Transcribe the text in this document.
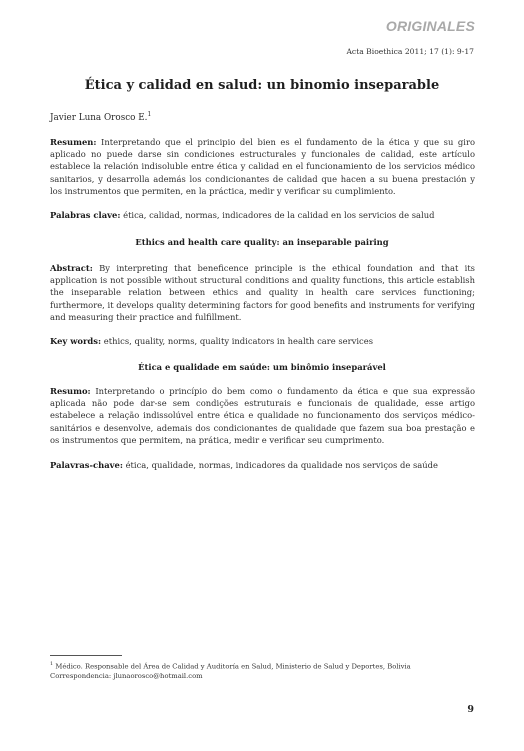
ORIGINALES
Acta Bioethica 2011; 17 (1): 9-17
Ética y calidad en salud: un binomio inseparable
Javier Luna Orosco E.$^1$
Resumen: Interpretando que el principio del bien es el fundamento de la ética y que su giro aplicado no puede darse sin condiciones estructurales y funcionales de calidad, este artículo establece la relación indisoluble entre ética y calidad en el funcionamiento de los servicios médico sanitarios, y desarrolla además los condicionantes de calidad que hacen a su buena prestación y los instrumentos que permiten, en la práctica, medir y verificar su cumplimiento.
Palabras clave: ética, calidad, normas, indicadores de la calidad en los servicios de salud
Ethics and health care quality: an inseparable pairing
Abstract: By interpreting that beneficence principle is the ethical foundation and that its application is not possible without structural conditions and quality functions, this article establish the inseparable relation between ethics and quality in health care services functioning; furthermore, it develops quality determining factors for good benefits and instruments for verifying and measuring their practice and fulfillment.
Key words: ethics, quality, norms, quality indicators in health care services
Ética e qualidade em saúde: um binômio inseparável
Resumo: Interpretando o princípio do bem como o fundamento da ética e que sua expressão aplicada não pode dar-se sem condições estruturais e funcionais de qualidade, esse artigo estabelece a relação indissolúvel entre ética e qualidade no funcionamento dos serviços médico-sanitários e desenvolve, ademais dos condicionantes de qualidade que fazem sua boa prestação e os instrumentos que permitem, na prática, medir e verificar seu cumprimento.
Palavras-chave: ética, qualidade, normas, indicadores da qualidade nos serviços de saúde
$^1$ Médico. Responsable del Área de Calidad y Auditoría en Salud, Ministerio de Salud y Deportes, Bolivia
Correspondencia: jlunaorosco@hotmail.com
9
